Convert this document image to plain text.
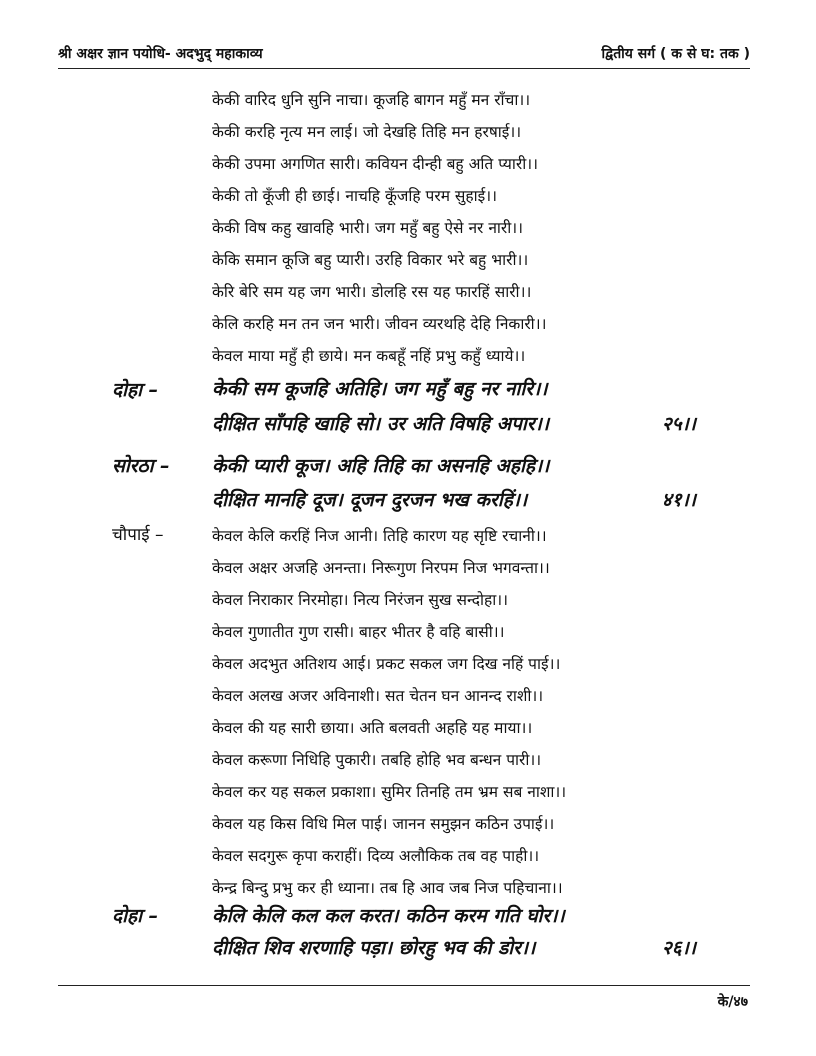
श्री अक्षर ज्ञान पयोधि- अदभुद् महाकाव्य	द्वितीय सर्ग ( क से घ: तक )
केकी वारिद धुनि सुनि नाचा। कूजहि बागन महुँ मन राँचा।।
केकी करहि नृत्य मन लाई। जो देखहि तिहि मन हरषाई।।
केकी उपमा अगणित सारी। कवियन दीन्ही बहु अति प्यारी।।
केकी तो कूँजी ही छाई। नाचहि कूँजहि परम सुहाई।।
केकी विष कहु खावहि भारी। जग महुँ बहु ऐसे नर नारी।।
केकि समान कूजि बहु प्यारी। उरहि विकार भरे बहु भारी।।
केरि बेरि सम यह जग भारी। डोलहि रस यह फारहिं सारी।।
केलि करहि मन तन जन भारी। जीवन व्यरथहि देहि निकारी।।
केवल माया महुँ ही छाये। मन कबहूँ नहिं प्रभु कहुँ ध्याये।।
दोहा –	केकी सम कूजहि अतिहि। जग महुँ बहु नर नारि।।
दीक्षित साँपहि खाहि सो। उर अति विषहि अपार।।	२५।।
सोरठा – केकी प्यारी कूज। अहि तिहि का असनहि अहहि।।
दीक्षित मानहि दूज। दूजन दुरजन भख करहिं।।	४१।।
चौपाई –	केवल केलि करहिं निज आनी। तिहि कारण यह सृष्टि रचानी।।
केवल अक्षर अजहि अनन्ता। निरूगुण निरपम निज भगवन्ता।।
केवल निराकार निरमोहा। नित्य निरंजन सुख सन्दोहा।।
केवल गुणातीत गुण रासी। बाहर भीतर है वहि बासी।।
केवल अदभुत अतिशय आई। प्रकट सकल जग दिख नहिं पाई।।
केवल अलख अजर अविनाशी। सत चेतन घन आनन्द राशी।।
केवल की यह सारी छाया। अति बलवती अहहि यह माया।।
केवल करूणा निधिहि पुकारी। तबहि होहि भव बन्धन पारी।।
केवल कर यह सकल प्रकाशा। सुमिर तिनहि तम भ्रम सब नाशा।।
केवल यह किस विधि मिल पाई। जानन समुझन कठिन उपाई।।
केवल सदगुरू कृपा कराहीं। दिव्य अलौकिक तब वह पाही।।
केन्द्र बिन्दु प्रभु कर ही ध्याना। तब हि आव जब निज पहिचाना।।
दोहा –	केलि केलि कल कल करत। कठिन करम गति घोर।।
दीक्षित शिव शरणाहि पड़ा। छोरहु भव की डोर।।	२६।।
के/४७
